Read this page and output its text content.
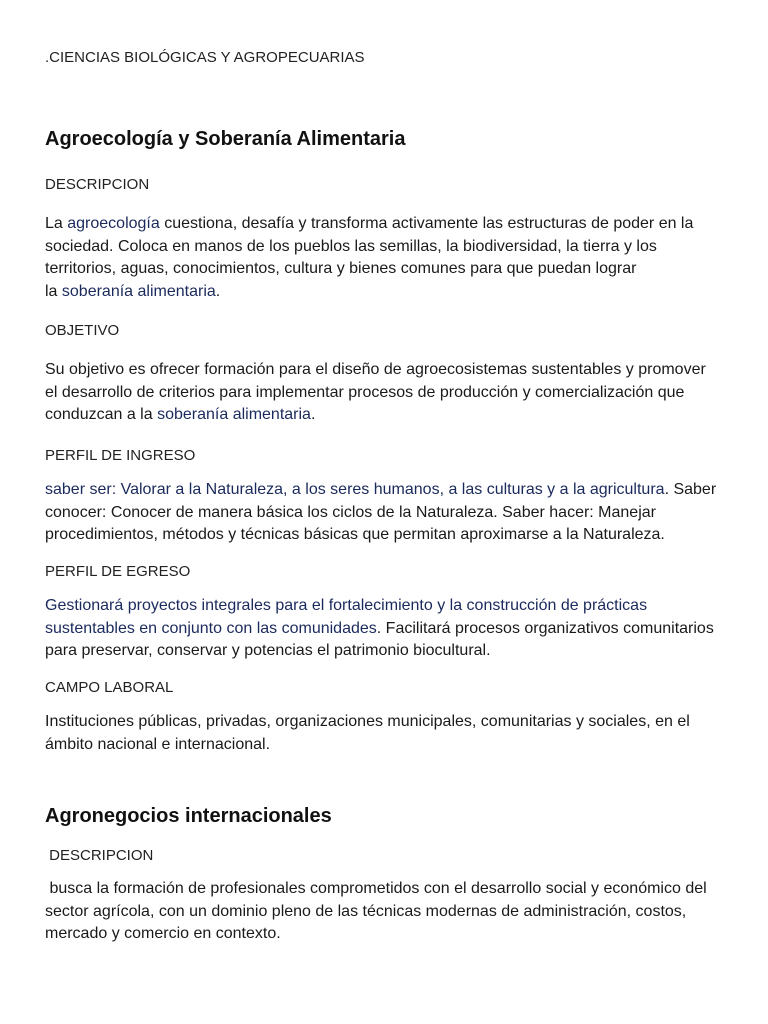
.CIENCIAS BIOLÓGICAS Y AGROPECUARIAS
Agroecología y Soberanía Alimentaria
DESCRIPCION
La agroecología cuestiona, desafía y transforma activamente las estructuras de poder en la
sociedad. Coloca en manos de los pueblos las semillas, la biodiversidad, la tierra y los
territorios, aguas, conocimientos, cultura y bienes comunes para que puedan lograr
la soberanía alimentaria.
OBJETIVO
Su objetivo es ofrecer formación para el diseño de agroecosistemas sustentables y promover
el desarrollo de criterios para implementar procesos de producción y comercialización que
conduzcan a la soberanía alimentaria.
PERFIL DE INGRESO
saber ser: Valorar a la Naturaleza, a los seres humanos, a las culturas y a la agricultura. Saber
conocer: Conocer de manera básica los ciclos de la Naturaleza. Saber hacer: Manejar
procedimientos, métodos y técnicas básicas que permitan aproximarse a la Naturaleza.
PERFIL DE EGRESO
Gestionará proyectos integrales para el fortalecimiento y la construcción de prácticas
sustentables en conjunto con las comunidades. Facilitará procesos organizativos comunitarios
para preservar, conservar y potencias el patrimonio biocultural.
CAMPO LABORAL
Instituciones públicas, privadas, organizaciones municipales, comunitarias y sociales, en el
ámbito nacional e internacional.
Agronegocios internacionales
DESCRIPCION
busca la formación de profesionales comprometidos con el desarrollo social y económico del
sector agrícola, con un dominio pleno de las técnicas modernas de administración, costos,
mercado y comercio en contexto.
